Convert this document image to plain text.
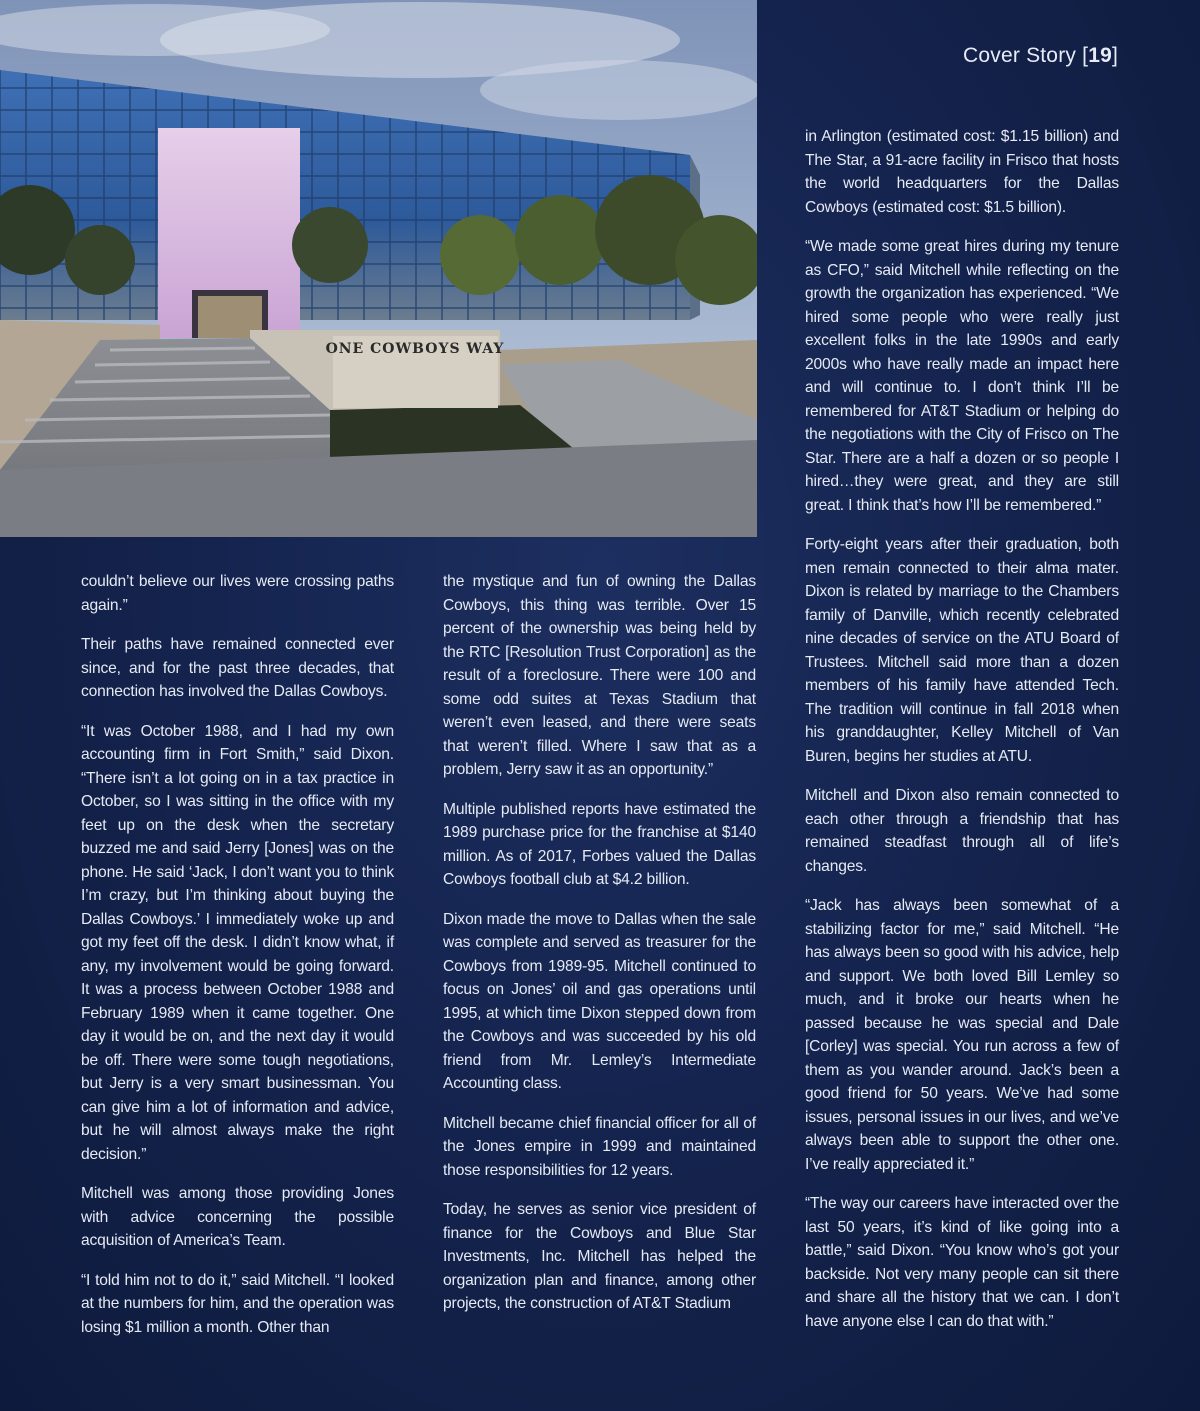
Cover Story [19]
ONE COWBOYS WAY

couldn’t believe our lives were crossing paths again.”

Their paths have remained connected ever since, and for the past three decades, that connection has involved the Dallas Cowboys.

“It was October 1988, and I had my own accounting firm in Fort Smith,” said Dixon. “There isn’t a lot going on in a tax practice in October, so I was sitting in the office with my feet up on the desk when the secretary buzzed me and said Jerry [Jones] was on the phone. He said ‘Jack, I don’t want you to think I’m crazy, but I’m thinking about buying the Dallas Cowboys.’ I immediately woke up and got my feet off the desk. I didn’t know what, if any, my involvement would be going forward. It was a process between October 1988 and February 1989 when it came together. One day it would be on, and the next day it would be off. There were some tough negotiations, but Jerry is a very smart businessman. You can give him a lot of information and advice, but he will almost always make the right decision.”

Mitchell was among those providing Jones with advice concerning the possible acquisition of America’s Team.

“I told him not to do it,” said Mitchell. “I looked at the numbers for him, and the operation was losing $1 million a month. Other than

the mystique and fun of owning the Dallas Cowboys, this thing was terrible. Over 15 percent of the ownership was being held by the RTC [Resolution Trust Corporation] as the result of a foreclosure. There were 100 and some odd suites at Texas Stadium that weren’t even leased, and there were seats that weren’t filled. Where I saw that as a problem, Jerry saw it as an opportunity.”

Multiple published reports have estimated the 1989 purchase price for the franchise at $140 million. As of 2017, Forbes valued the Dallas Cowboys football club at $4.2 billion.

Dixon made the move to Dallas when the sale was complete and served as treasurer for the Cowboys from 1989-95. Mitchell continued to focus on Jones’ oil and gas operations until 1995, at which time Dixon stepped down from the Cowboys and was succeeded by his old friend from Mr. Lemley’s Intermediate Accounting class.

Mitchell became chief financial officer for all of the Jones empire in 1999 and maintained those responsibilities for 12 years.

Today, he serves as senior vice president of finance for the Cowboys and Blue Star Investments, Inc. Mitchell has helped the organization plan and finance, among other projects, the construction of AT&T Stadium

in Arlington (estimated cost: $1.15 billion) and The Star, a 91-acre facility in Frisco that hosts the world headquarters for the Dallas Cowboys (estimated cost: $1.5 billion).

“We made some great hires during my tenure as CFO,” said Mitchell while reflecting on the growth the organization has experienced. “We hired some people who were really just excellent folks in the late 1990s and early 2000s who have really made an impact here and will continue to. I don’t think I’ll be remembered for AT&T Stadium or helping do the negotiations with the City of Frisco on The Star. There are a half a dozen or so people I hired…they were great, and they are still great. I think that’s how I’ll be remembered.”

Forty-eight years after their graduation, both men remain connected to their alma mater. Dixon is related by marriage to the Chambers family of Danville, which recently celebrated nine decades of service on the ATU Board of Trustees. Mitchell said more than a dozen members of his family have attended Tech. The tradition will continue in fall 2018 when his granddaughter, Kelley Mitchell of Van Buren, begins her studies at ATU.

Mitchell and Dixon also remain connected to each other through a friendship that has remained steadfast through all of life’s changes.

“Jack has always been somewhat of a stabilizing factor for me,” said Mitchell. “He has always been so good with his advice, help and support. We both loved Bill Lemley so much, and it broke our hearts when he passed because he was special and Dale [Corley] was special. You run across a few of them as you wander around. Jack’s been a good friend for 50 years. We’ve had some issues, personal issues in our lives, and we’ve always been able to support the other one. I’ve really appreciated it.”

“The way our careers have interacted over the last 50 years, it’s kind of like going into a battle,” said Dixon. “You know who’s got your backside. Not very many people can sit there and share all the history that we can. I don’t have anyone else I can do that with.”
